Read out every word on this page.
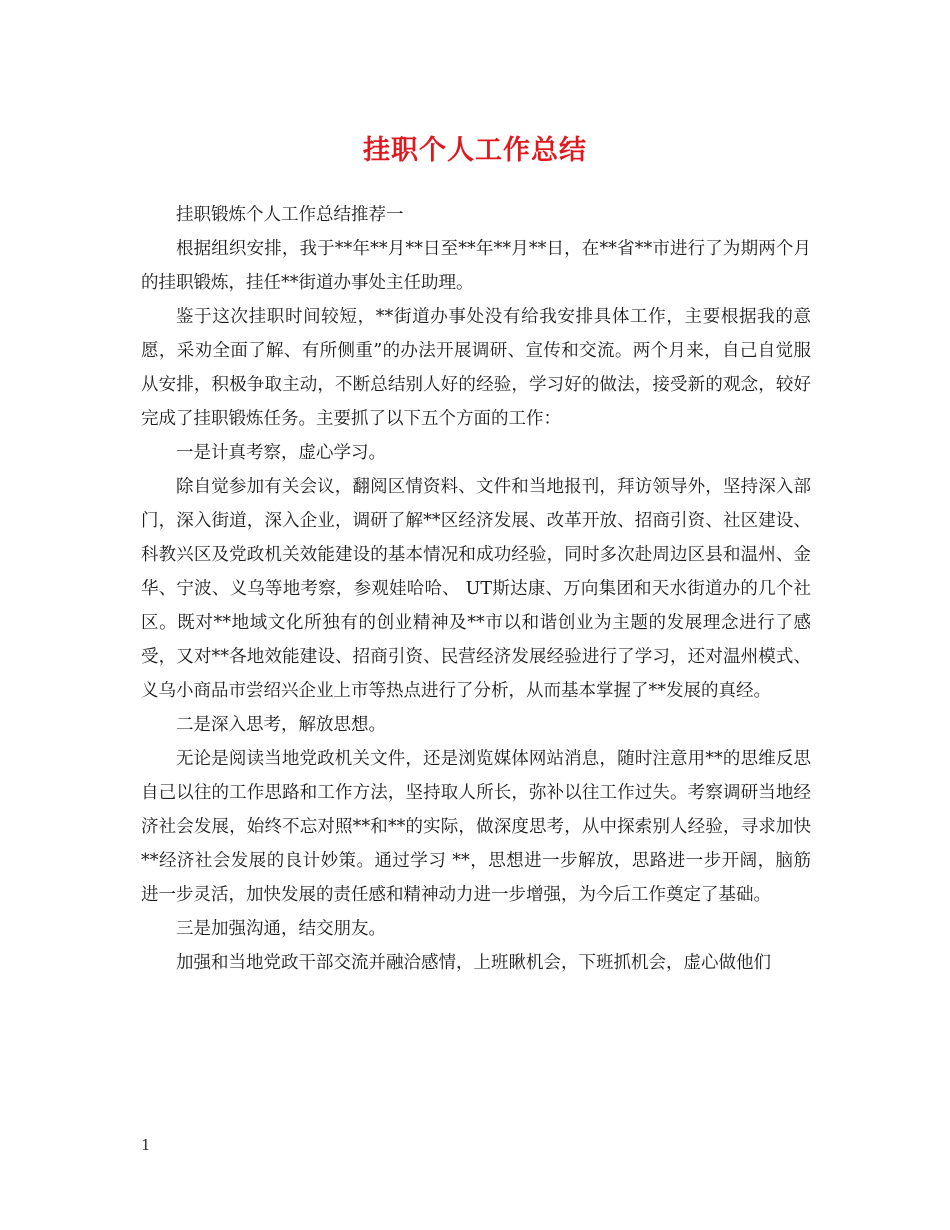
挂职个人工作总结

挂职锻炼个人工作总结推荐一

根据组织安排，我于**年**月**日至**年**月**日，在**省**市进行了为期两个月的挂职锻炼，挂任**街道办事处主任助理。

鉴于这次挂职时间较短，**街道办事处没有给我安排具体工作，主要根据我的意愿，采劝全面了解、有所侧重”的办法开展调研、宣传和交流。两个月来，自己自觉服从安排，积极争取主动，不断总结别人好的经验，学习好的做法，接受新的观念，较好完成了挂职锻炼任务。主要抓了以下五个方面的工作：

一是计真考察，虚心学习。

除自觉参加有关会议，翻阅区情资料、文件和当地报刊，拜访领导外，坚持深入部门，深入街道，深入企业，调研了解**区经济发展、改革开放、招商引资、社区建设、科教兴区及党政机关效能建设的基本情况和成功经验，同时多次赴周边区县和温州、金华、宁波、义乌等地考察，参观娃哈哈、 UT斯达康、万向集团和天水街道办的几个社区。既对**地域文化所独有的创业精神及**市以和谐创业为主题的发展理念进行了感受，又对**各地效能建设、招商引资、民营经济发展经验进行了学习，还对温州模式、义乌小商品市尝绍兴企业上市等热点进行了分析，从而基本掌握了**发展的真经。

二是深入思考，解放思想。

无论是阅读当地党政机关文件，还是浏览媒体网站消息，随时注意用**的思维反思自己以往的工作思路和工作方法，坚持取人所长，弥补以往工作过失。考察调研当地经济社会发展，始终不忘对照**和**的实际，做深度思考，从中探索别人经验，寻求加快**经济社会发展的良计妙策。通过学习 **，思想进一步解放，思路进一步开阔，脑筋进一步灵活，加快发展的责任感和精神动力进一步增强，为今后工作奠定了基础。

三是加强沟通，结交朋友。

加强和当地党政干部交流并融洽感情，上班瞅机会，下班抓机会，虚心做他们

1
